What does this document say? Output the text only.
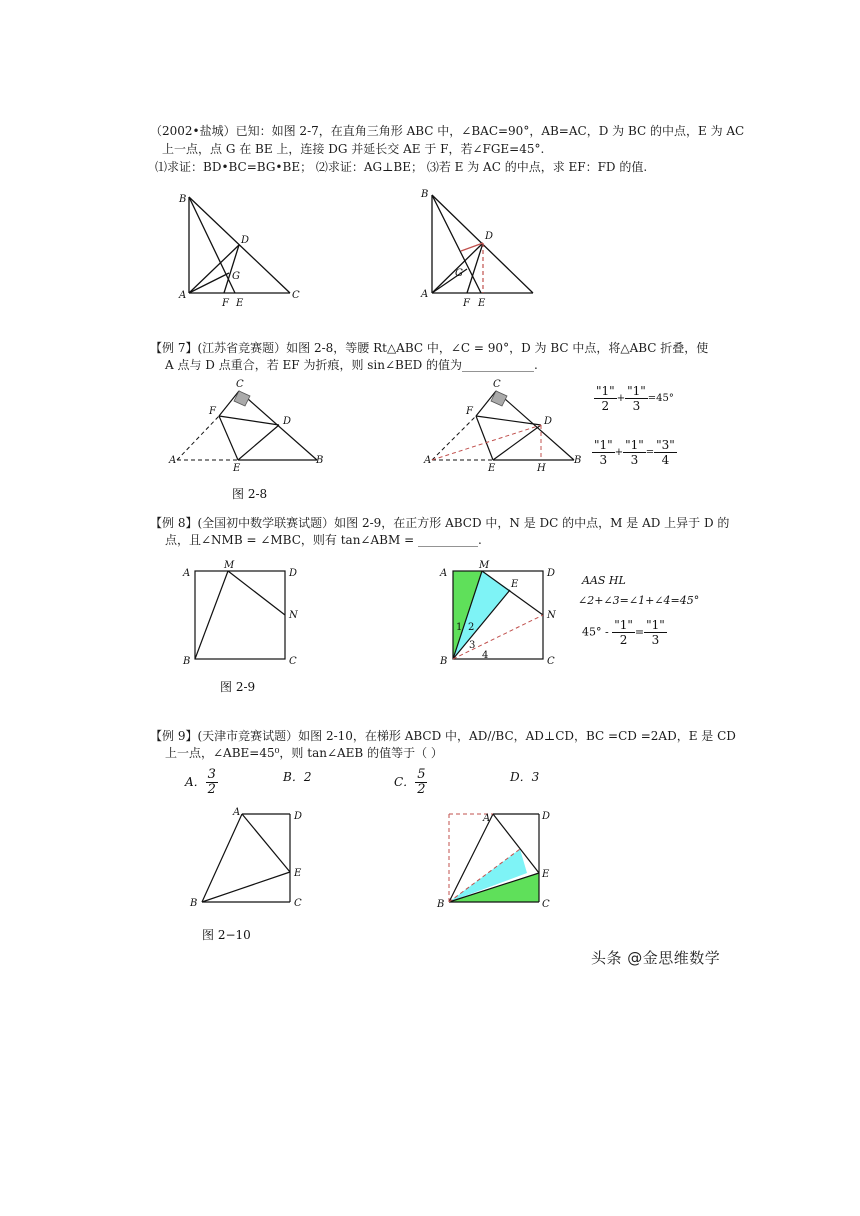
（2002•盐城）已知：如图 2-7，在直角三角形 ABC 中，∠BAC=90°，AB=AC，D 为 BC 的中点，E 为 AC
上一点，点 G 在 BE 上，连接 DG 并延长交 AE 于 F，若∠FGE=45°.
⑴求证：BD•BC=BG•BE； ⑵求证：AG⊥BE； ⑶若 E 为 AC 的中点，求 EF：FD 的值.
B
D
G
A
F E
C
B
D
G
A
F E
【例 7】(江苏省竞赛题）如图 2-8，等腰 Rt△ABC 中，∠C = 90°，D 为 BC 中点，将△ABC 折叠，使
A 点与 D 点重合，若 EF 为折痕，则 sin∠BED 的值为____________.
C
F
D
A
E
B
图 2-8
C
F
D
A
E	H
B
$\frac{"1"}{2} + \frac{"1"}{3} =45^\circ$
$\frac{"1"}{3} + \frac{"1"}{3} = \frac{"3"}{4}$
【例 8】(全国初中数学联赛试题）如图 2-9，在正方形 ABCD 中，N 是 DC 的中点，M 是 AD 上异于 D 的
点，且∠NMB = ∠MBC，则有 tan∠ABM = __________.
A
M
D
N
B	C
图 2-9
A
M
D
E
N
B	C
1 2
3
4
AAS HL
∠2+∠3=∠1+∠4=45°
$45^\circ - \frac{"1"}{2} = \frac{"1"}{3}$
【例 9】(天津市竞赛试题）如图 2-10，在梯形 ABCD 中，AD//BC，AD⊥CD，BC =CD =2AD，E 是 CD
上一点，∠ABE=45⁰，则 tan∠AEB 的值等于（ ）
A． $\frac{3}{2}$	B．2	C． $\frac{5}{2}$	D．3
A	D
E
B	C
图 2−10
A	D
E
B	C
头条 @金思维数学
